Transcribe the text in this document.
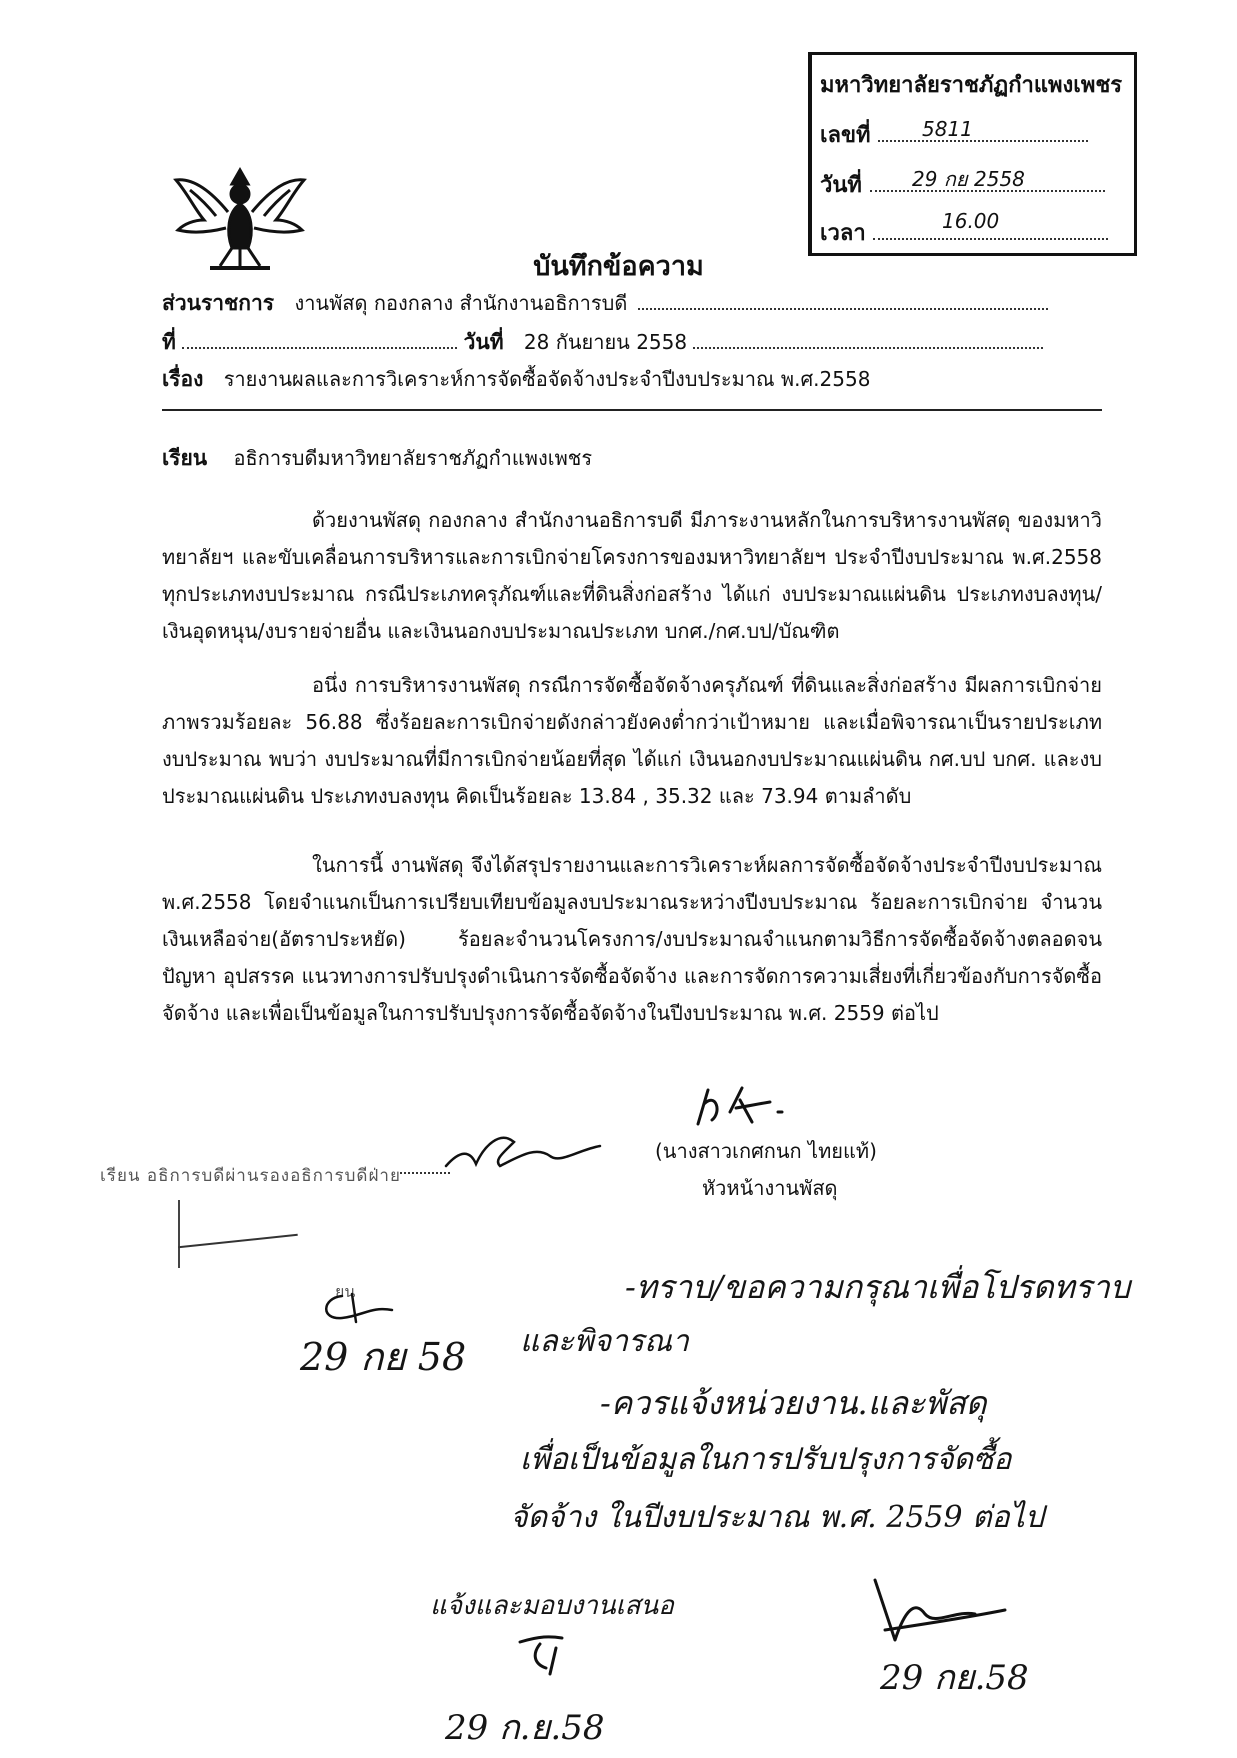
มหาวิทยาลัยราชภัฏกำแพงเพชร
เลขที่	5811
วันที่	29 กย 2558
เวลา	16.00
บันทึกข้อความ
ส่วนราชการ งานพัสดุ กองกลาง สำนักงานอธิการบดี
ที่	วันที่ 28 กันยายน 2558
เรื่อง รายงานผลและการวิเคราะห์การจัดซื้อจัดจ้างประจำปีงบประมาณ พ.ศ.2558
เรียน อธิการบดีมหาวิทยาลัยราชภัฏกำแพงเพชร
ด้วยงานพัสดุ กองกลาง สำนักงานอธิการบดี มีภาระงานหลักในการบริหารงานพัสดุ ของมหาวิทยาลัยฯ และขับเคลื่อนการบริหารและการเบิกจ่ายโครงการของมหาวิทยาลัยฯ ประจำปีงบประมาณ พ.ศ.2558 ทุกประเภทงบประมาณ กรณีประเภทครุภัณฑ์และที่ดินสิ่งก่อสร้าง ได้แก่ งบประมาณแผ่นดิน ประเภทงบลงทุน/เงินอุดหนุน/งบรายจ่ายอื่น และเงินนอกงบประมาณประเภท บกศ./กศ.บป/บัณฑิต
อนึ่ง การบริหารงานพัสดุ กรณีการจัดซื้อจัดจ้างครุภัณฑ์ ที่ดินและสิ่งก่อสร้าง มีผลการเบิกจ่ายภาพรวมร้อยละ 56.88 ซึ่งร้อยละการเบิกจ่ายดังกล่าวยังคงต่ำกว่าเป้าหมาย และเมื่อพิจารณาเป็นรายประเภทงบประมาณ พบว่า งบประมาณที่มีการเบิกจ่ายน้อยที่สุด ได้แก่ เงินนอกงบประมาณแผ่นดิน กศ.บป บกศ. และงบประมาณแผ่นดิน ประเภทงบลงทุน คิดเป็นร้อยละ 13.84 , 35.32 และ 73.94 ตามลำดับ
ในการนี้ งานพัสดุ จึงได้สรุปรายงานและการวิเคราะห์ผลการจัดซื้อจัดจ้างประจำปีงบประมาณ พ.ศ.2558 โดยจำแนกเป็นการเปรียบเทียบข้อมูลงบประมาณระหว่างปีงบประมาณ ร้อยละการเบิกจ่าย จำนวนเงินเหลือจ่าย(อัตราประหยัด) ร้อยละจำนวนโครงการ/งบประมาณจำแนกตามวิธีการจัดซื้อจัดจ้างตลอดจนปัญหา อุปสรรค แนวทางการปรับปรุงดำเนินการจัดซื้อจัดจ้าง และการจัดการความเสี่ยงที่เกี่ยวข้องกับการจัดซื้อจัดจ้าง และเพื่อเป็นข้อมูลในการปรับปรุงการจัดซื้อจัดจ้างในปีงบประมาณ พ.ศ. 2559 ต่อไป
(นางสาวเกศกนก ไทยแท้)
หัวหน้างานพัสดุ
เรียน อธิการบดีผ่านรองอธิการบดีฝ่าย
ยน
29 กย 58
-ทราบ/ขอความกรุณาเพื่อโปรดทราบ
และพิจารณา
-ควรแจ้งหน่วยงาน.และพัสดุ
เพื่อเป็นข้อมูลในการปรับปรุงการจัดซื้อ
จัดจ้าง ในปีงบประมาณ พ.ศ. 2559 ต่อไป
แจ้งและมอบงานเสนอ
29 กย.58
29 ก.ย.58
